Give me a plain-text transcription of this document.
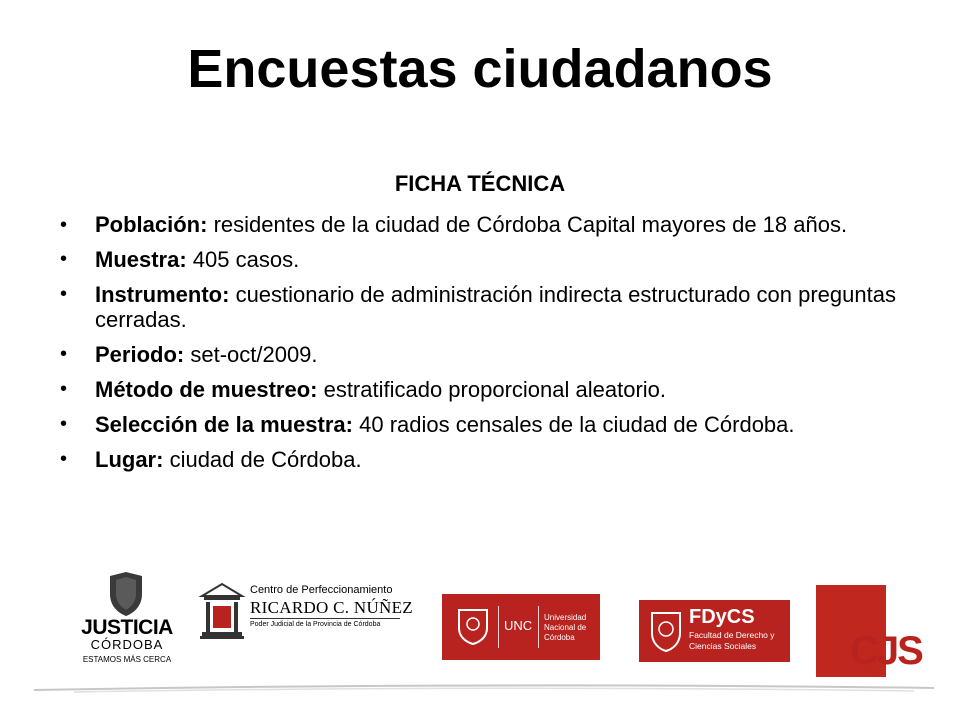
Encuestas ciudadanos
FICHA TÉCNICA
• Población: residentes de la ciudad de Córdoba Capital mayores de 18 años.
• Muestra: 405 casos.
• Instrumento: cuestionario de administración indirecta estructurado con preguntas cerradas.
• Periodo: set-oct/2009.
• Método de muestreo: estratificado proporcional aleatorio.
• Selección de la muestra: 40 radios censales de la ciudad de Córdoba.
• Lugar: ciudad de Córdoba.
JUSTICIA
CÓRDOBA
ESTAMOS MÁS CERCA
Centro de Perfeccionamiento
RICARDO C. NÚÑEZ
Poder Judicial de la Provincia de Córdoba	UNC
Universidad Nacional de Córdoba
FDyCS
Facultad de Derecho y Ciencias Sociales	CJS
